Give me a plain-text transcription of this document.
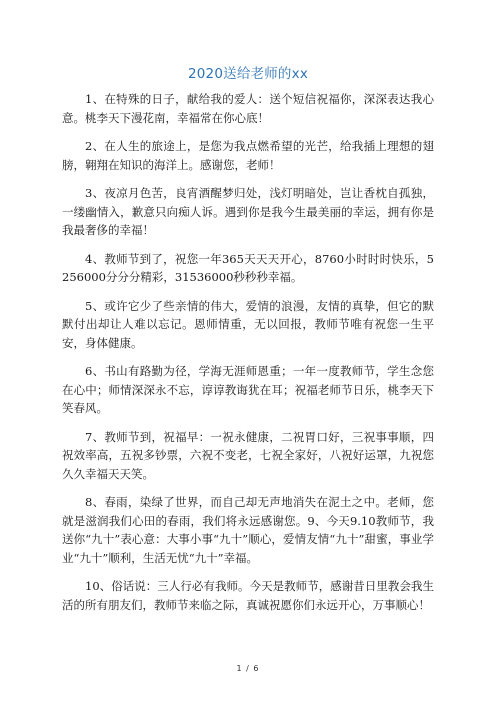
2020送给老师的xx

1、在特殊的日子，献给我的爱人：送个短信祝福你，深深表达我心意。桃李天下漫花南，幸福常在你心底！

2、在人生的旅途上，是您为我点燃希望的光芒，给我插上理想的翅膀，翱翔在知识的海洋上。感谢您，老师！

3、夜凉月色苦，良宵酒醒梦归处，浅灯明暗处，岂让香枕自孤独，一缕幽情入，歉意只向痴人诉。遇到你是我今生最美丽的幸运，拥有你是我最奢侈的幸福！

4、教师节到了，祝您一年365天天天开心，8760小时时时快乐，5256000分分分精彩，31536000秒秒秒幸福。

5、或许它少了些亲情的伟大，爱情的浪漫，友情的真挚，但它的默默付出却让人难以忘记。恩师情重，无以回报，教师节唯有祝您一生平安，身体健康。

6、书山有路勤为径，学海无涯师恩重；一年一度教师节，学生念您在心中；师情深深永不忘，谆谆教诲犹在耳；祝福老师节日乐，桃李天下笑春风。

7、教师节到，祝福早：一祝永健康，二祝胃口好，三祝事事顺，四祝效率高，五祝多钞票，六祝不变老，七祝全家好，八祝好运罩，九祝您久久幸福天天笑。

8、春雨，染绿了世界，而自己却无声地消失在泥土之中。老师，您就是滋润我们心田的春雨，我们将永远感谢您。9、今天9.10教师节，我送你“九十”表心意：大事小事“九十”顺心，爱情友情“九十”甜蜜，事业学业“九十”顺利，生活无忧“九十”幸福。

10、俗话说：三人行必有我师。今天是教师节，感谢昔日里教会我生活的所有朋友们，教师节来临之际，真诚祝愿你们永远开心，万事顺心！

1 / 6
